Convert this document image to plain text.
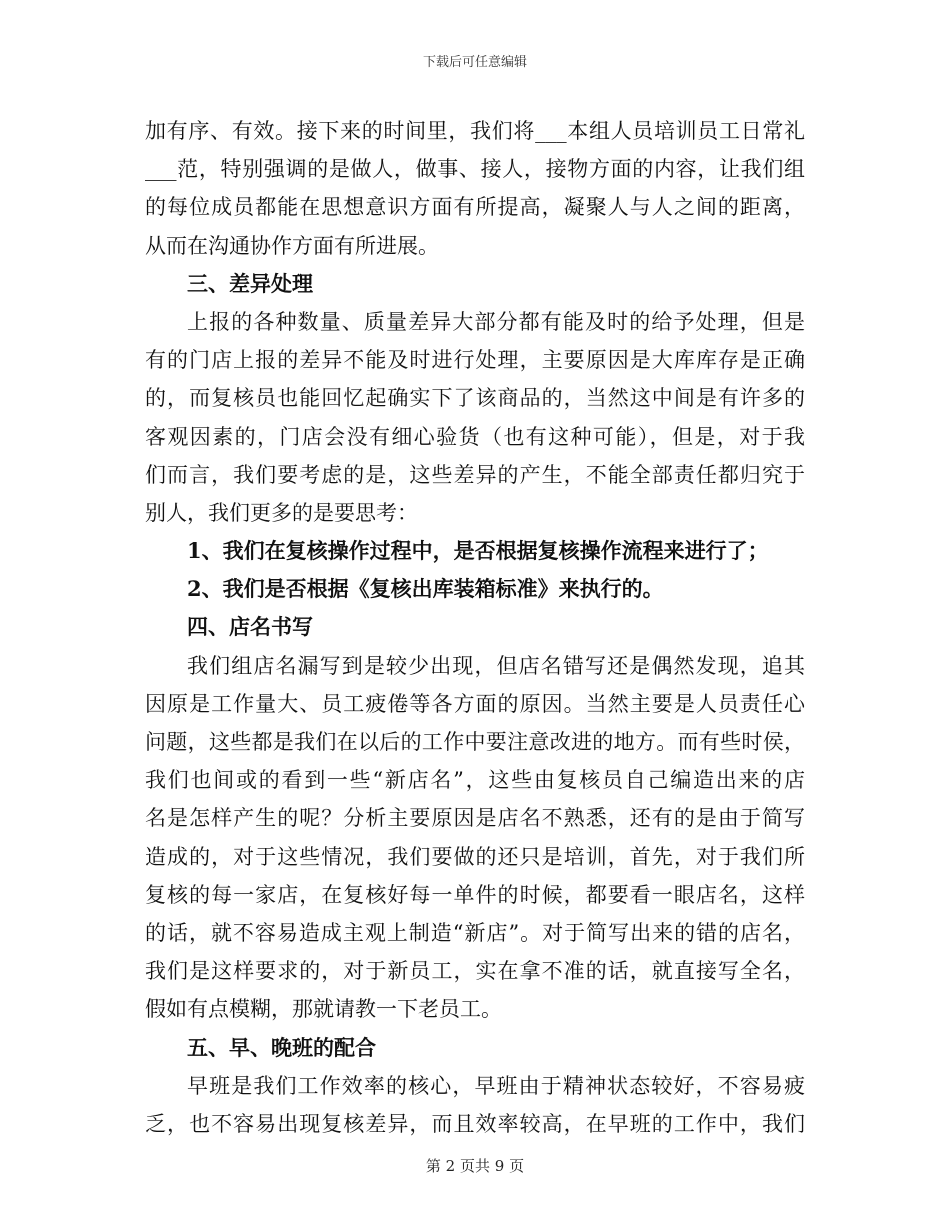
下载后可任意编辑
加有序、有效。接下来的时间里，我们将___本组人员培训员工日常礼
___范，特别强调的是做人，做事、接人，接物方面的内容，让我们组
的每位成员都能在思想意识方面有所提高，凝聚人与人之间的距离，
从而在沟通协作方面有所进展。
三、差异处理
上报的各种数量、质量差异大部分都有能及时的给予处理，但是
有的门店上报的差异不能及时进行处理，主要原因是大库库存是正确
的，而复核员也能回忆起确实下了该商品的，当然这中间是有许多的
客观因素的，门店会没有细心验货（也有这种可能），但是，对于我
们而言，我们要考虑的是，这些差异的产生，不能全部责任都归究于
别人，我们更多的是要思考：
1、我们在复核操作过程中，是否根据复核操作流程来进行了；
2、我们是否根据《复核出库装箱标准》来执行的。
四、店名书写
我们组店名漏写到是较少出现，但店名错写还是偶然发现，追其
因原是工作量大、员工疲倦等各方面的原因。当然主要是人员责任心
问题，这些都是我们在以后的工作中要注意改进的地方。而有些时侯，
我们也间或的看到一些“新店名”，这些由复核员自己编造出来的店
名是怎样产生的呢？分析主要原因是店名不熟悉，还有的是由于简写
造成的，对于这些情况，我们要做的还只是培训，首先，对于我们所
复核的每一家店，在复核好每一单件的时候，都要看一眼店名，这样
的话，就不容易造成主观上制造“新店”。对于简写出来的错的店名，
我们是这样要求的，对于新员工，实在拿不准的话，就直接写全名，
假如有点模糊，那就请教一下老员工。
五、早、晚班的配合
早班是我们工作效率的核心，早班由于精神状态较好，不容易疲
乏，也不容易出现复核差异，而且效率较高，在早班的工作中，我们
第 2 页共 9 页
